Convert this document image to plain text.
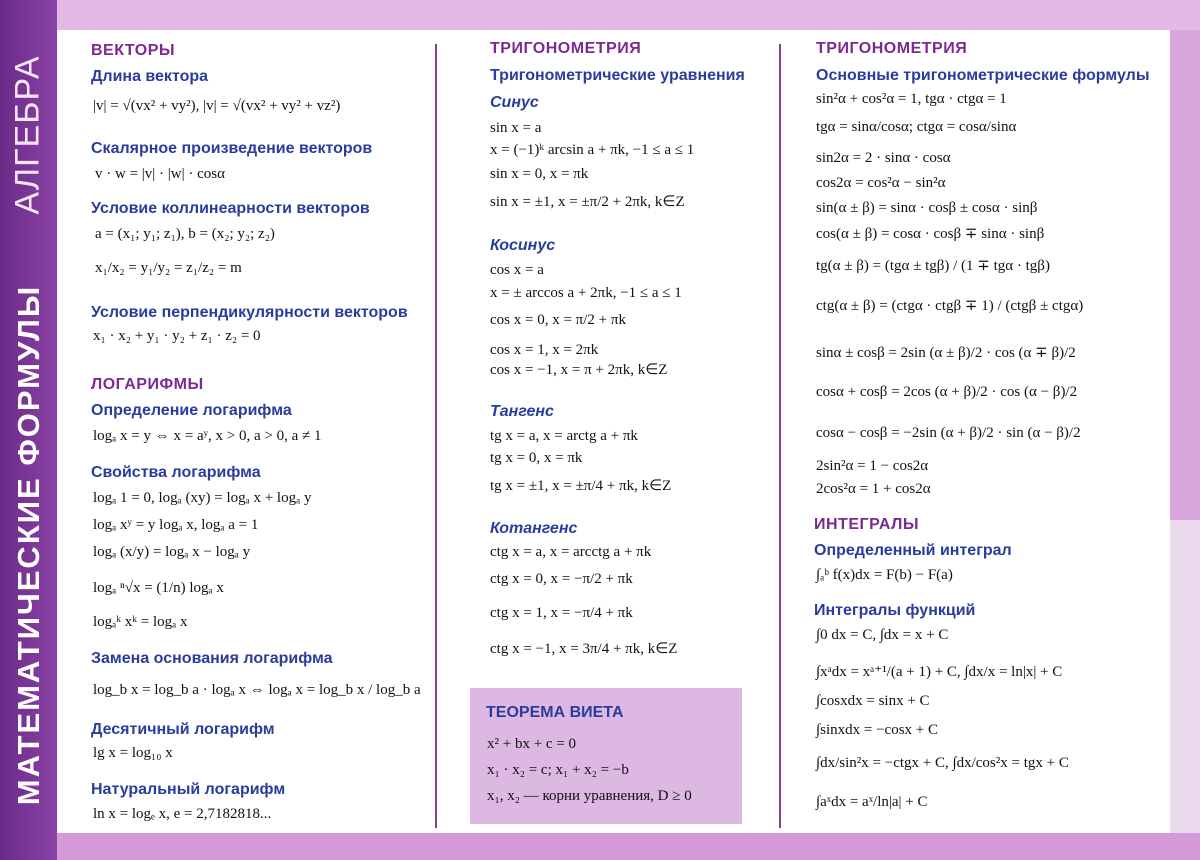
АЛГЕБРА
МАТЕМАТИЧЕСКИЕ ФОРМУЛЫ
ВЕКТОРЫ
Длина вектора
|v| = √(vx² + vy²), |v| = √(vx² + vy² + vz²)
Скалярное произведение векторов
v · w = |v| · |w| · cosα
Условие коллинеарности векторов
a = (x₁; y₁; z₁), b = (x₂; y₂; z₂)
x₁/x₂ = y₁/y₂ = z₁/z₂ = m
Условие перпендикулярности векторов
x₁ · x₂ + y₁ · y₂ + z₁ · z₂ = 0
ЛОГАРИФМЫ
Определение логарифма
logₐ x = y ⇔ x = aʸ, x > 0, a > 0, a ≠ 1
Свойства логарифма
logₐ 1 = 0, logₐ (xy) = logₐ x + logₐ y
logₐ xʸ = y logₐ x, logₐ a = 1
logₐ (x/y) = logₐ x − logₐ y
logₐ ⁿ√x = (1/n) logₐ x
logₐᵏ xᵏ = logₐ x
Замена основания логарифма
log_b x = log_b a · logₐ x ⇔ logₐ x = log_b x / log_b a
Десятичный логарифм
lg x = log₁₀ x
Натуральный логарифм
ln x = logₑ x, e = 2,7182818...
ТРИГОНОМЕТРИЯ
Тригонометрические уравнения
Синус
sin x = a
x = (−1)ᵏ arcsin a + πk, −1 ≤ a ≤ 1
sin x = 0, x = πk
sin x = ±1, x = ±π/2 + 2πk, k∈Z
Косинус
cos x = a
x = ± arccos a + 2πk, −1 ≤ a ≤ 1
cos x = 0, x = π/2 + πk
cos x = 1, x = 2πk
cos x = −1, x = π + 2πk, k∈Z
Тангенс
tg x = a, x = arctg a + πk
tg x = 0, x = πk
tg x = ±1, x = ±π/4 + πk, k∈Z
Котангенс
ctg x = a, x = arcctg a + πk
ctg x = 0, x = −π/2 + πk
ctg x = 1, x = −π/4 + πk
ctg x = −1, x = 3π/4 + πk, k∈Z
ТЕОРЕМА ВИЕТА
x² + bx + c = 0
x₁ · x₂ = c; x₁ + x₂ = −b
x₁, x₂ — корни уравнения, D ≥ 0
ТРИГОНОМЕТРИЯ
Основные тригонометрические формулы
sin²α + cos²α = 1, tgα · ctgα = 1
tgα = sinα/cosα; ctgα = cosα/sinα
sin2α = 2 · sinα · cosα
cos2α = cos²α − sin²α
sin(α ± β) = sinα · cosβ ± cosα · sinβ
cos(α ± β) = cosα · cosβ ∓ sinα · sinβ
tg(α ± β) = (tgα ± tgβ) / (1 ∓ tgα · tgβ)
ctg(α ± β) = (ctgα · ctgβ ∓ 1) / (ctgβ ± ctgα)
sinα ± cosβ = 2sin (α ± β)/2 · cos (α ∓ β)/2
cosα + cosβ = 2cos (α + β)/2 · cos (α − β)/2
cosα − cosβ = −2sin (α + β)/2 · sin (α − β)/2
2sin²α = 1 − cos2α
2cos²α = 1 + cos2α
ИНТЕГРАЛЫ
Определенный интеграл
∫ₐᵇ f(x)dx = F(b) − F(a)
Интегралы функций
∫0 dx = C, ∫dx = x + C
∫xᵃdx = xᵃ⁺¹/(a + 1) + C, ∫dx/x = ln|x| + C
∫cosxdx = sinx + C
∫sinxdx = −cosx + C
∫dx/sin²x = −ctgx + C, ∫dx/cos²x = tgx + C
∫aˣdx = aˣ/ln|a| + C
